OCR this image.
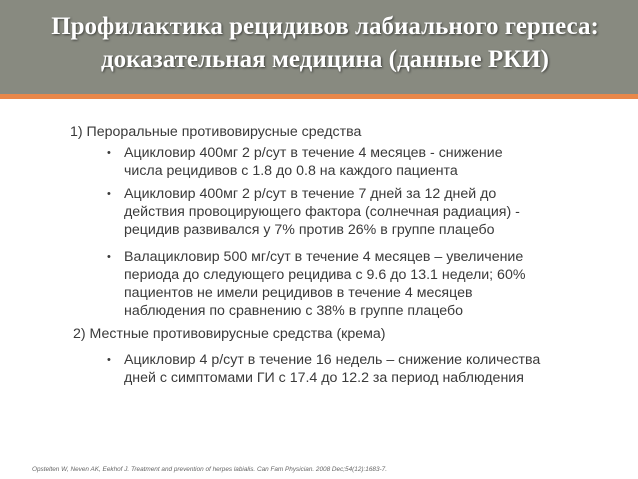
Профилактика рецидивов лабиального герпеса:
доказательная медицина (данные РКИ)
1) Пероральные противовирусные средства
• Ацикловир 400мг 2 р/сут в течение 4 месяцев - снижение
числа рецидивов с 1.8 до 0.8 на каждого пациента
• Ацикловир 400мг 2 р/сут в течение 7 дней за 12 дней до
действия провоцирующего фактора (солнечная радиация) -
рецидив развивался у 7% против 26% в группе плацебо
• Валацикловир 500 мг/сут в течение 4 месяцев – увеличение
периода до следующего рецидива с 9.6 до 13.1 недели; 60%
пациентов не имели рецидивов в течение 4 месяцев
наблюдения по сравнению с 38% в группе плацебо
2) Местные противовирусные средства (крема)
• Ацикловир 4 р/сут в течение 16 недель – снижение количества
дней с симптомами ГИ с 17.4 до 12.2 за период наблюдения
Opstelten W, Neven AK, Eekhof J. Treatment and prevention of herpes labialis. Can Fam Physician. 2008 Dec;54(12):1683-7.
